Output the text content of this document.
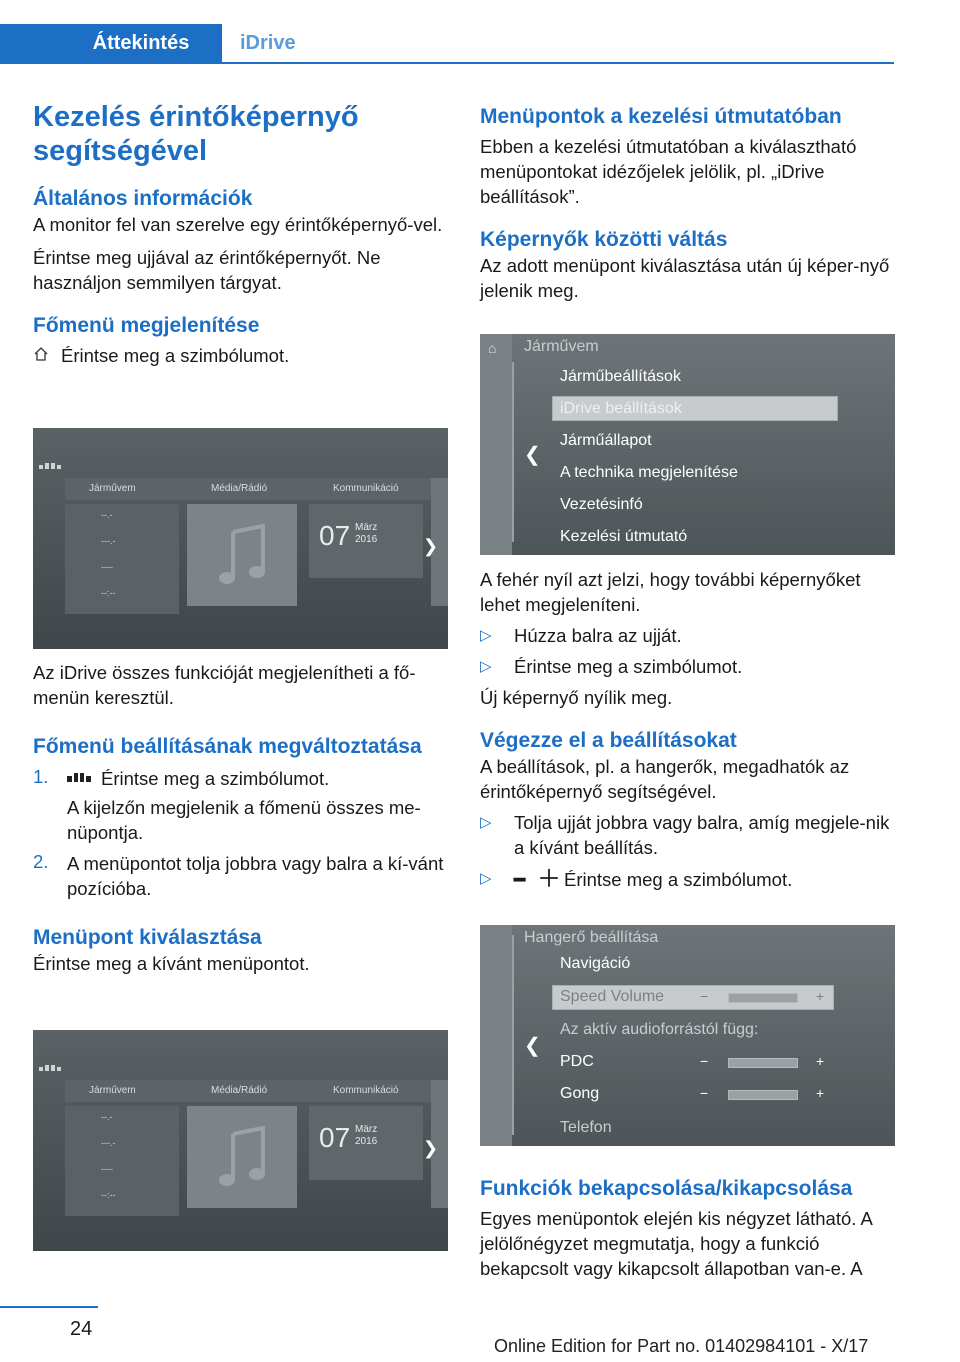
Áttekintés	iDrive
Kezelés érintőképernyő segítségével
Általános információk

A monitor fel van szerelve egy érintőképernyő‐vel.

Érintse meg ujjával az érintőképernyőt. Ne használjon semmilyen tárgyat.

Főmenü megjelenítése

Érintse meg a szimbólumot.

Járművem	Média/Rádió	Kommunikáció
--.-
---.-
----
--:--
07 März
2016	❯

Az iDrive összes funkcióját megjelenítheti a fő‐menün keresztül.

Főmenü beállításának megváltoztatása
1.	Érintse meg a szimbólumot.

A kijelzőn megjelenik a főmenü összes me‐nüpontja.

2. A menüpontot tolja jobbra vagy balra a kí‐vánt pozícióba.

Menüpont kiválasztása

Érintse meg a kívánt menüpontot.

Járművem	Média/Rádió	Kommunikáció
--.-
---.-
----
--:--
07 März
2016	❯
Menüpontok a kezelési útmutatóban

Ebben a kezelési útmutatóban a kiválasztható menüpontokat idézőjelek jelölik, pl. „iDrive beállítások”.

Képernyők közötti váltás

Az adott menüpont kiválasztása után új képer‐nyő jelenik meg.

⌂ Járművem
❮
Járműbeállítások
iDrive beállítások
Járműállapot
A technika megjelenítése
Vezetésinfó
Kezelési útmutató

A fehér nyíl azt jelzi, hogy további képernyőket lehet megjeleníteni.

▷ Húzza balra az ujját.

▷ Érintse meg a szimbólumot.

Új képernyő nyílik meg.

Végezze el a beállításokat

A beállítások, pl. a hangerők, megadhatók az érintőképernyő segítségével.

▷ Tolja ujját jobbra vagy balra, amíg megjele‐nik a kívánt beállítás.

▷ ━ ＋ Érintse meg a szimbólumot.

Hangerő beállítása
❮
Navigáció
Speed Volume	−	+
Az aktív audioforrástól függ:
PDC	−	+
Gong	−	+
Telefon
Funkciók bekapcsolása/kikapcsolása

Egyes menüpontok elején kis négyzet látható. A jelölőnégyzet megmutatja, hogy a funkció bekapcsolt vagy kikapcsolt állapotban van-e. A

24
Online Edition for Part no. 01402984101 - X/17
